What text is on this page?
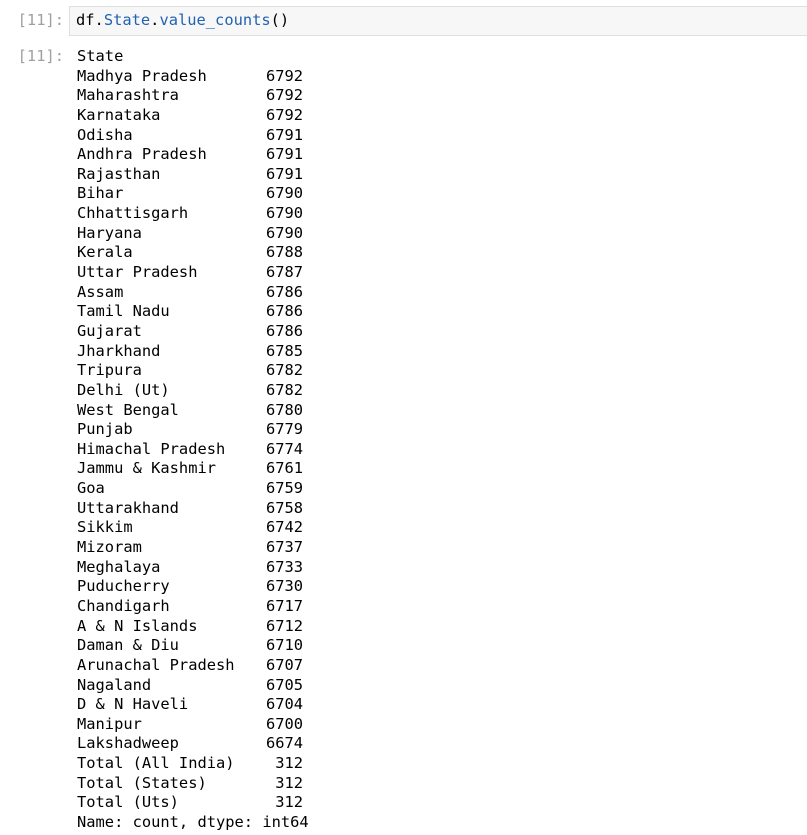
[11]: df.State.value_counts()
[11]: State
Madhya Pradesh	6792
Maharashtra	6792
Karnataka	6792
Odisha	6791
Andhra Pradesh	6791
Rajasthan	6791
Bihar	6790
Chhattisgarh	6790
Haryana	6790
Kerala	6788
Uttar Pradesh	6787
Assam	6786
Tamil Nadu	6786
Gujarat	6786
Jharkhand	6785
Tripura	6782
Delhi (Ut)	6782
West Bengal	6780
Punjab	6779
Himachal Pradesh	6774
Jammu & Kashmir	6761
Goa	6759
Uttarakhand	6758
Sikkim	6742
Mizoram	6737
Meghalaya	6733
Puducherry	6730
Chandigarh	6717
A & N Islands	6712
Daman & Diu	6710
Arunachal Pradesh	6707
Nagaland	6705
D & N Haveli	6704
Manipur	6700
Lakshadweep	6674
Total (All India)	312
Total (States)	312
Total (Uts)	312
Name: count, dtype: int64
